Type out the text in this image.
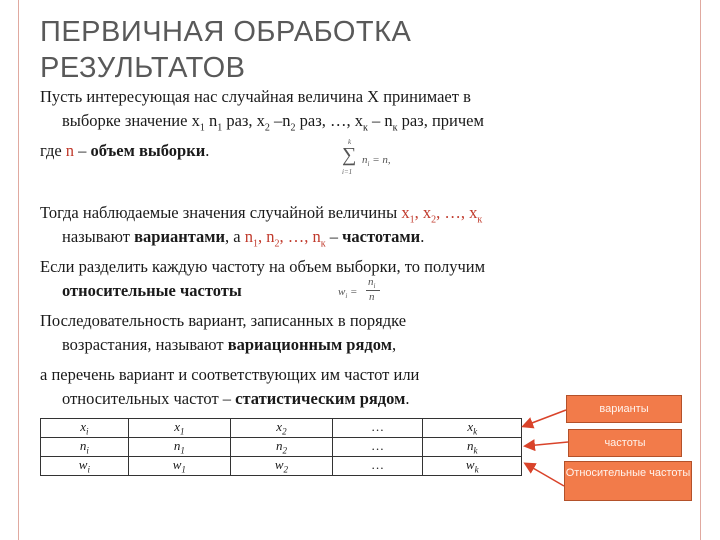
ПЕРВИЧНАЯ ОБРАБОТКА РЕЗУЛЬТАТОВ
Пусть интересующая нас случайная величина X принимает в
выборке значение $x_1$ $n_1$ раз, $x_2$ $-n_2$ раз, …, $x_к - n_к$ раз, причем
где n – объем выборки.	k
∑
i=1
$n_i = n$,
Тогда наблюдаемые значения случайной величины $x_1$, $x_2$, …, $x_к$
называют вариантами, а $n_1$, $n_2$, …, $n_к$ – частотами.
Если разделить каждую частоту на объем выборки, то получим
относительные частоты	$w_i$ =
$n_i$
n
Последовательность вариант, записанных в порядке
возрастания, называют вариационным рядом,
а перечень вариант и соответствующих им частот или
относительных частот – статистическим рядом.
$x_i$	$x_1$	$x_2$	…	$x_k$
$n_i$	$n_1$	$n_2$	…	$n_k$
$w_i$	$w_1$	$w_2$	…	$w_k$
варианты
частоты
Относительные частоты
